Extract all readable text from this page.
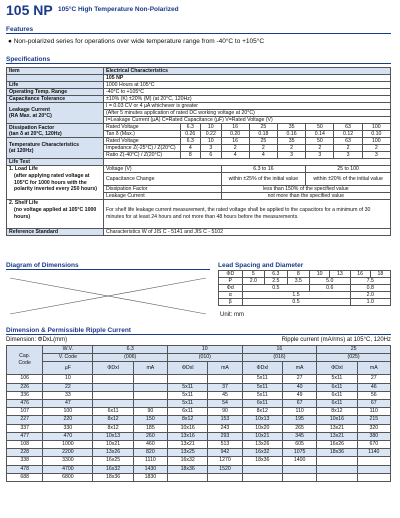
105 NP 105°C High Temperature Non-Polarized
Features
● Non-polarized series for operations over wide temperature range from -40°C to +105°C
Specifications
Item	Electrical Characteristics								
	105 NP								
Life	1000 Hours at 105°C								
Operating Temp. Range	-40°C to +105°C								
Capacitance Tolerance	±10% (K) ±20% (M) (at 20°C, 120Hz)								

Leakage Current
(RA Max. at 20°C)	I = 0.03 CV or 4 µA whichever is greater								
	(After 5 minutes application of rated DC working voltage at 20°C)								
	I=Leakage Current (µA) C=Rated Capacitance (µF) V=Rated Voltage (V)								

Dissipation Factor
(tan δ at 20°C, 120Hz)	Rated Voltage	6.3	10	16	25	35	50	63	100
	Tan δ (Max.)	0.26	0.22	0.20	0.18	0.16	0.14	0.12	0.10

Temperature Characteristics
(at 120Hz)	Rated Voltage	6.3	10	16	25	35	50	63	100
	Impedance Z(-25°C) / Z(20°C)	4	3	2	2	2	2	2	2
	Ratio Z(-40°C) / Z(20°C)	8	6	4	4	3	3	3	3
Life Test									

1. Load Life
(after applying rated voltage at 105°C for 1000 hours with the polarity inverted every 250 hours)	Voltage (V)			6.3 to 16			25 to 100		
	Capacitance Change			within ±25% of the initial value			within ±20% of the initial value		
	Dissipation Factor			less than 150% of the specified value					
	Leakage Current			not more than the specified value					

2. Shelf Life
(no voltage applied at 105°C 1000 hours)	For shelf life leakage current measurement, the rated voltage shall be applied to the capacitors for a minimum of 30 minutes for at least 24 hours and not more than 48 hours before the measurements.								
Reference Standard	Characteristics W of JIS C - 5141 and JIS C - 5102								
Diagram of Dimensions	Lead Spacing and Diameter
ΦD	5	6.3	8	10	13	16	18
P	2.0	2.5	3.5	5.0		7.5	
Φd	0.5			0.6		0.8	
α	1.5					2.0	
β	0.5					1.0	
Unit: mm
Dimension & Permissible Ripple Current
Dimension: ΦDxL(mm)	Ripple current (mA/rms) at 105°C, 120Hz
Cap.
Code	W.V.	6.3		10		16		25	
	V. Code	(006)		(010)		(016)		(025)	
	µF	ΦDxl	mA	ΦDxl	mA	ΦDxl	mA	ΦDxl	mA
106	10					5x11	27	5x11	27
226	22			5x11	37	5x11	40	6x11	46
336	33			5x11	45	5x11	49	6x11	56
476	47			5x11	54	6x11	67	6x11	67
107	100	6x11	90	6x11	90	8x12	110	8x12	110
227	220	8x12	150	8x12	153	10x13	195	10x16	215
337	330	8x12	185	10x16	243	10x20	265	13x21	320
477	470	10x13	260	13x16	293	10x21	345	13x21	380
108	1000	10x21	460	13x21	513	13x26	605	16x26	670
228	2200	13x26	820	13x25	942	16x32	1075	18x36	1140
338	3300	16x25	1110	16x32	1270	18x36	1400		
478	4700	16x32	1430	18x36	1520				
688	6800	18x36	1830						
